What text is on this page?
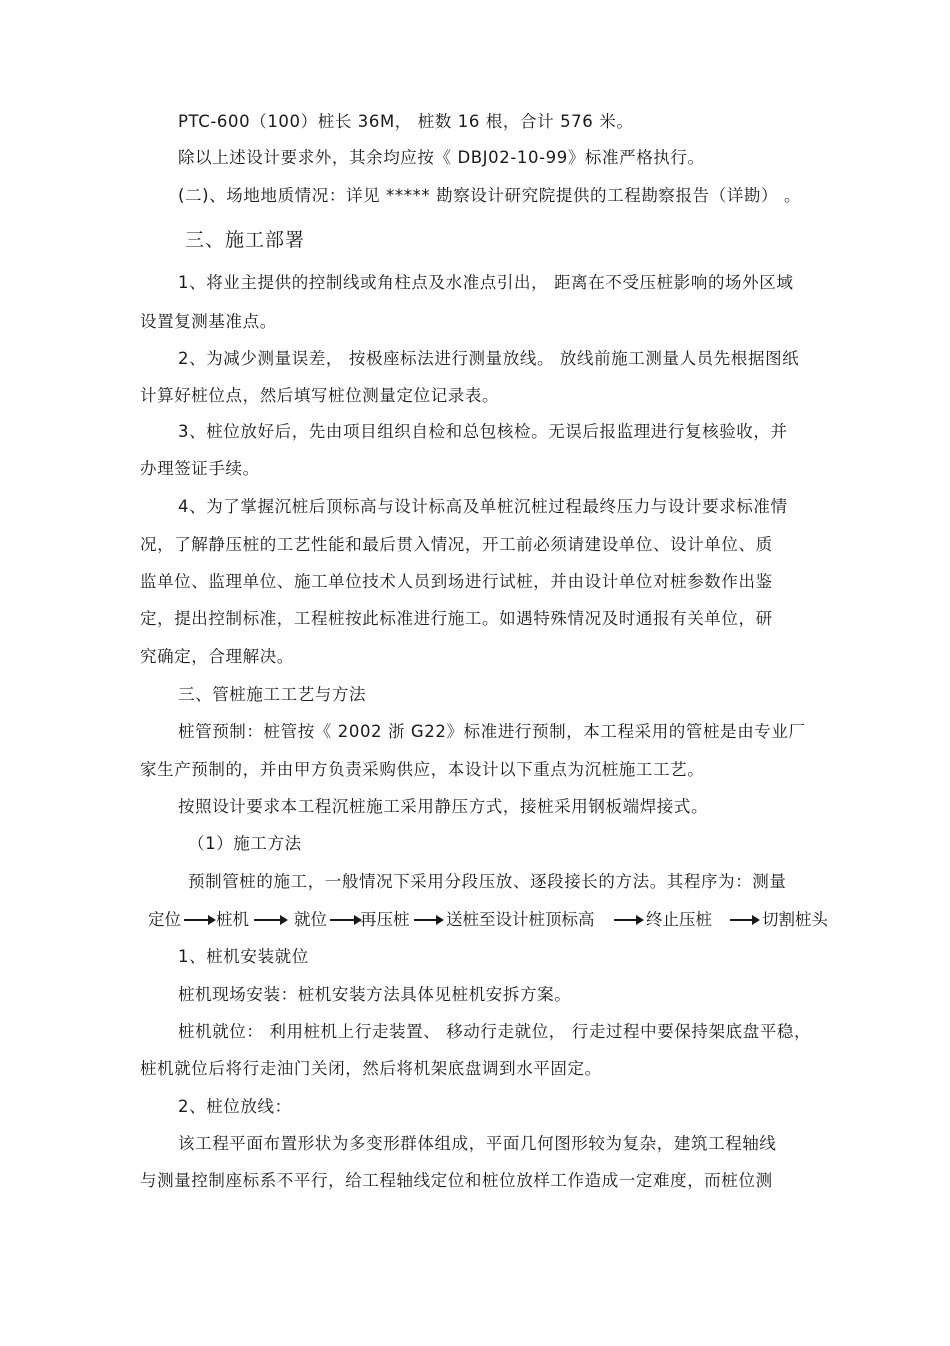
PTC-600（100）桩长 36M， 桩数 16 根，合计 576 米。
除以上述设计要求外，其余均应按《 DBJ02-10-99》标准严格执行。
(二)、场地地质情况：详见 ***** 勘察设计研究院提供的工程勘察报告（详勘） 。
三、施工部署
1、将业主提供的控制线或角柱点及水准点引出， 距离在不受压桩影响的场外区域
设置复测基准点。
2、为减少测量误差， 按极座标法进行测量放线。 放线前施工测量人员先根据图纸
计算好桩位点，然后填写桩位测量定位记录表。
3、桩位放好后，先由项目组织自检和总包核检。无误后报监理进行复核验收，并
办理签证手续。
4、为了掌握沉桩后顶标高与设计标高及单桩沉桩过程最终压力与设计要求标准情
况，了解静压桩的工艺性能和最后贯入情况，开工前必须请建设单位、设计单位、质
监单位、监理单位、施工单位技术人员到场进行试桩，并由设计单位对桩参数作出鉴
定，提出控制标准，工程桩按此标准进行施工。如遇特殊情况及时通报有关单位，研
究确定，合理解决。
三、管桩施工工艺与方法
桩管预制：桩管按《 2002 浙 G22》标准进行预制，本工程采用的管桩是由专业厂
家生产预制的，并由甲方负责采购供应，本设计以下重点为沉桩施工工艺。
按照设计要求本工程沉桩施工采用静压方式，接桩采用钢板端焊接式。
（1）施工方法
预制管桩的施工，一般情况下采用分段压放、逐段接长的方法。其程序为：测量
定位 桩机	就位 再压桩 送桩至设计桩顶标高	终止压桩	切割桩头
1、桩机安装就位
桩机现场安装：桩机安装方法具体见桩机安拆方案。
桩机就位： 利用桩机上行走装置、 移动行走就位， 行走过程中要保持架底盘平稳，
桩机就位后将行走油门关闭，然后将机架底盘调到水平固定。
2、桩位放线：
该工程平面布置形状为多变形群体组成，平面几何图形较为复杂，建筑工程轴线
与测量控制座标系不平行，给工程轴线定位和桩位放样工作造成一定难度，而桩位测
